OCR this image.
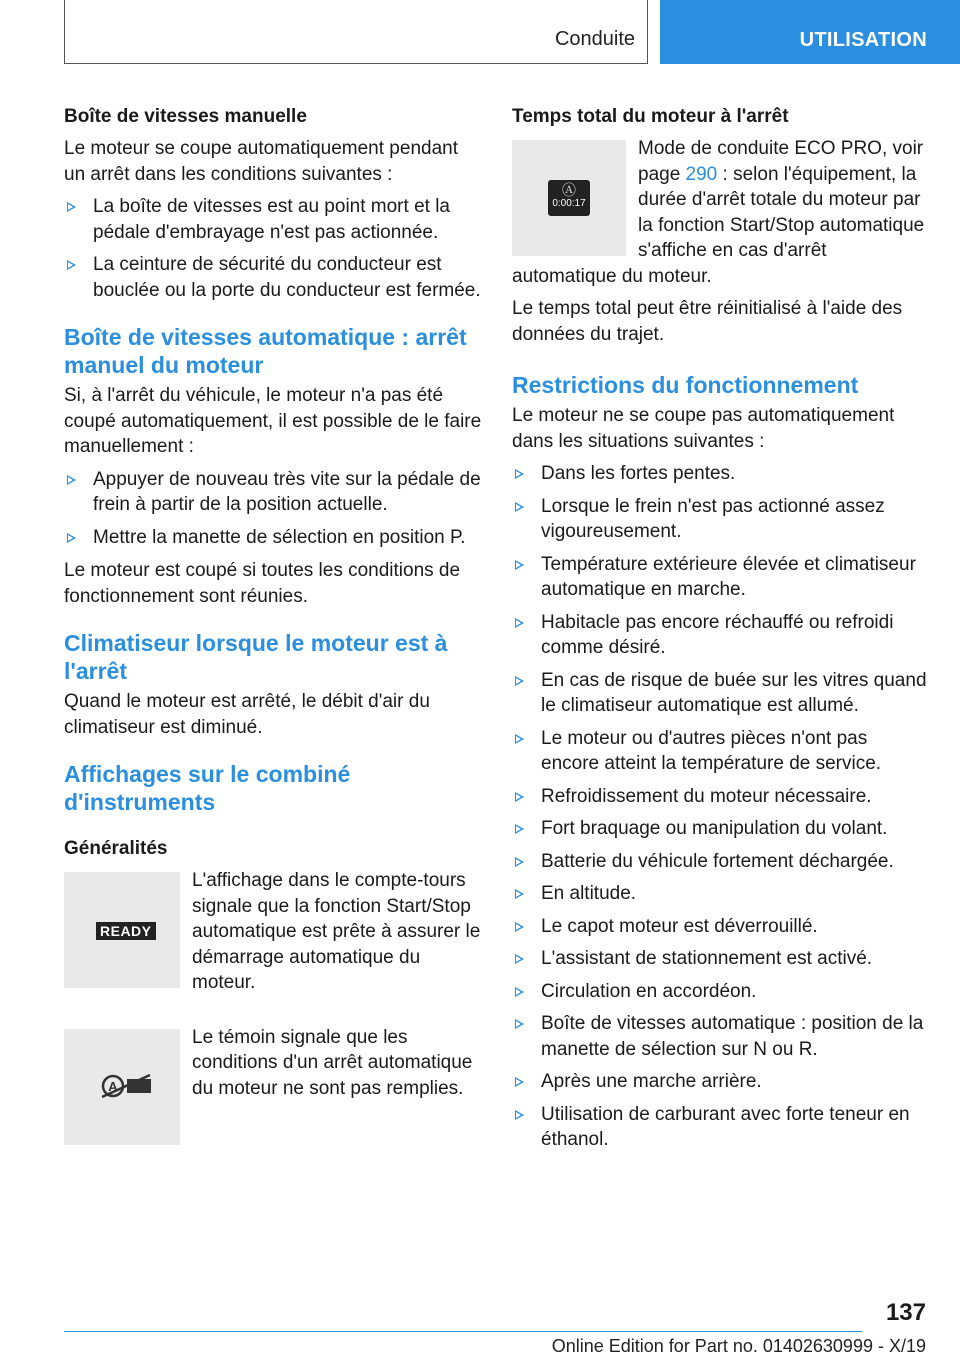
Conduite	UTILISATION
Boîte de vitesses manuelle

Le moteur se coupe automatiquement pendant un arrêt dans les conditions suivantes :

La boîte de vitesses est au point mort et la pédale d'embrayage n'est pas actionnée.
La ceinture de sécurité du conducteur est bouclée ou la porte du conducteur est fermée.
Boîte de vitesses automatique : arrêt manuel du moteur

Si, à l'arrêt du véhicule, le moteur n'a pas été coupé automatiquement, il est possible de le faire manuellement :

Appuyer de nouveau très vite sur la pédale de frein à partir de la position actuelle.
Mettre la manette de sélection en position P.

Le moteur est coupé si toutes les conditions de fonctionnement sont réunies.

Climatiseur lorsque le moteur est à l'arrêt

Quand le moteur est arrêté, le débit d'air du climatiseur est diminué.

Affichages sur le combiné d'instruments
Généralités
READY

L'affichage dans le compte-tours signale que la fonction Start/Stop automatique est prête à assurer le démarrage automatique du moteur.

A

Le témoin signale que les conditions d'un arrêt automatique du moteur ne sont pas remplies.

Temps total du moteur à l'arrêt
Ⓐ
0:00:17

Mode de conduite ECO PRO, voir page 290 : selon l'équipement, la durée d'arrêt totale du moteur par la fonction Start/Stop automatique s'affiche en cas d'arrêt automatique du moteur.

Le temps total peut être réinitialisé à l'aide des données du trajet.

Restrictions du fonctionnement

Le moteur ne se coupe pas automatiquement dans les situations suivantes :

Dans les fortes pentes.
Lorsque le frein n'est pas actionné assez vigoureusement.
Température extérieure élevée et climatiseur automatique en marche.
Habitacle pas encore réchauffé ou refroidi comme désiré.
En cas de risque de buée sur les vitres quand le climatiseur automatique est allumé.
Le moteur ou d'autres pièces n'ont pas encore atteint la température de service.
Refroidissement du moteur nécessaire.
Fort braquage ou manipulation du volant.
Batterie du véhicule fortement déchargée.
En altitude.
Le capot moteur est déverrouillé.
L'assistant de stationnement est activé.
Circulation en accordéon.
Boîte de vitesses automatique : position de la manette de sélection sur N ou R.
Après une marche arrière.
Utilisation de carburant avec forte teneur en éthanol.
137
Online Edition for Part no. 01402630999 - X/19
